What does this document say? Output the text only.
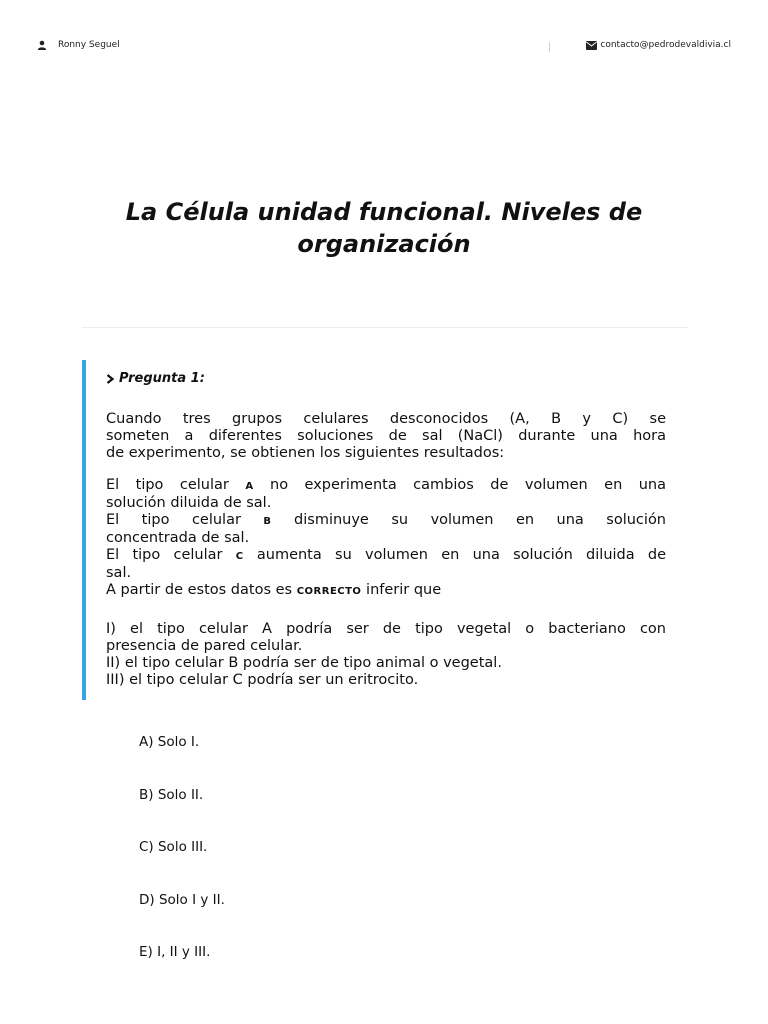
Ronny Seguel	contacto@pedrodevaldivia.cl
La Célula unidad funcional. Niveles de
organización
Pregunta 1:
Cuando tres grupos celulares desconocidos (A, B y C) se
someten a diferentes soluciones de sal (NaCl) durante una hora
de experimento, se obtienen los siguientes resultados:
El tipo celular A no experimenta cambios de volumen en una
solución diluida de sal.
El tipo celular B disminuye su volumen en una solución
concentrada de sal.
El tipo celular C aumenta su volumen en una solución diluida de
sal.
A partir de estos datos es CORRECTO inferir que
I) el tipo celular A podría ser de tipo vegetal o bacteriano con
presencia de pared celular.
II) el tipo celular B podría ser de tipo animal o vegetal.
III) el tipo celular C podría ser un eritrocito.
A) Solo I.
B) Solo II.
C) Solo III.
D) Solo I y II.
E) I, II y III.
